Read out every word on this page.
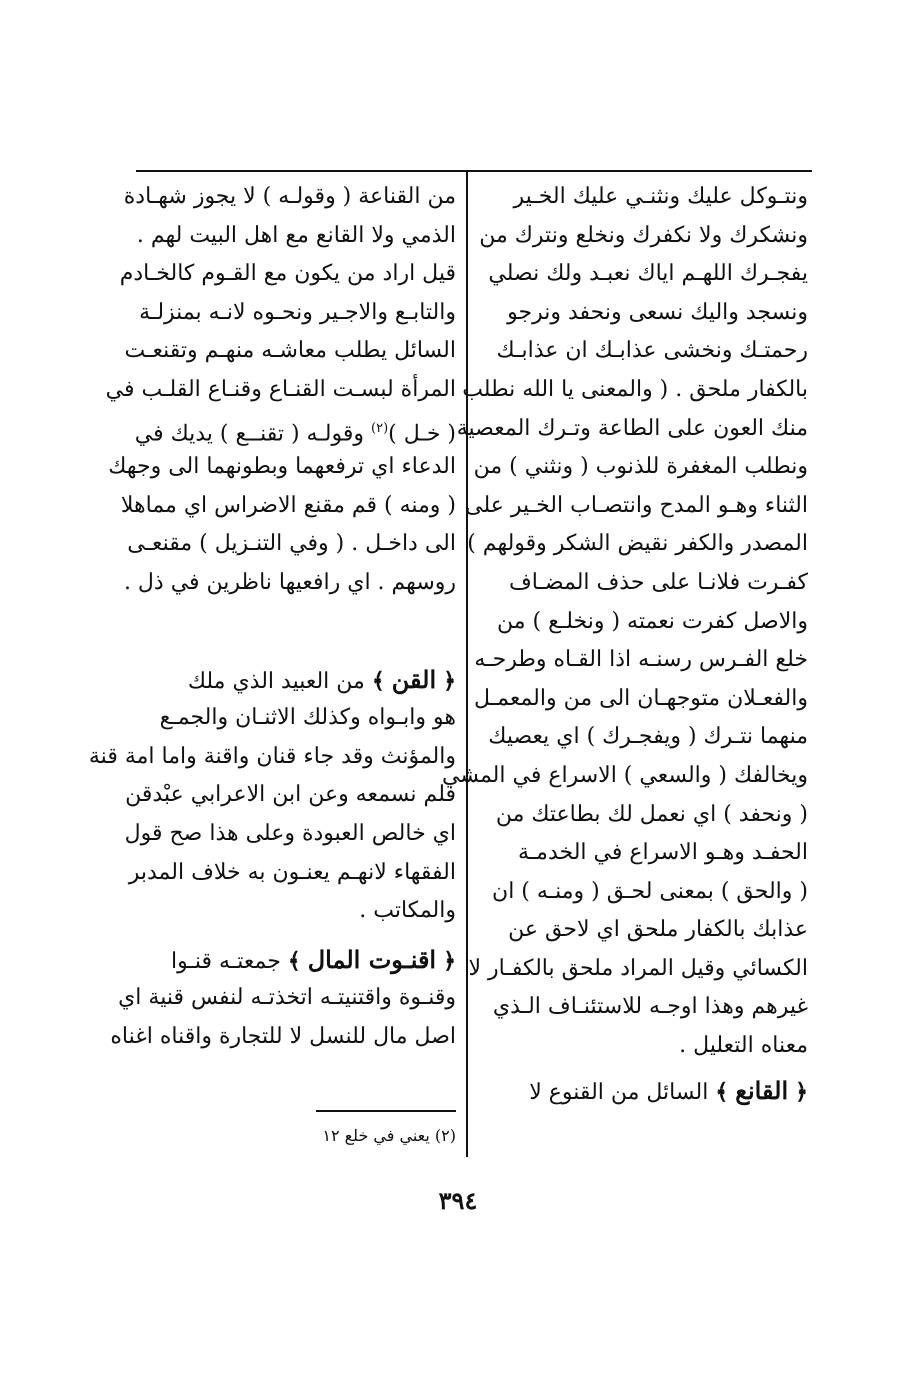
ونتـوكل عليك ونثنـي عليك الخـير
ونشكرك ولا نكفرك ونخلع ونترك من
يفجـرك اللهـم اياك نعبـد ولك نصلي
ونسجد واليك نسعى ونحفد ونرجو
رحمتـك ونخشى عذابـك ان عذابـك
بالكفار ملحق . ( والمعنى يا الله نطلب
منك العون على الطاعة وتـرك المعصية
ونطلب المغفرة للذنوب ( ونثني ) من
الثناء وهـو المدح وانتصـاب الخـير على
المصدر والكفر نقيض الشكر وقولهم )
كفـرت فلانـا على حذف المضـاف
والاصل كفرت نعمته ( ونخلـع ) من
خلع الفـرس رسنـه اذا القـاه وطرحـه
والفعـلان متوجهـان الى من والمعمـل
منهما نتـرك ( ويفجـرك ) اي يعصيك
ويخالفك ( والسعي ) الاسراع في المشي
( ونحفد ) اي نعمل لك بطاعتك من
الحفـد وهـو الاسراع في الخدمـة
( والحق ) بمعنى لحـق ( ومنـه ) ان
عذابك بالكفار ملحق اي لاحق عن
الكسائي وقيل المراد ملحق بالكفـار لا
غيرهم وهذا اوجـه للاستئنـاف الـذي
معناه التعليل .
﴿ القانع ﴾ السائل من القنوع لا
من القناعة ( وقولـه ) لا يجوز شهـادة
الذمي ولا القانع مع اهل البيت لهم .
قيل اراد من يكون مع القـوم كالخـادم
والتابـع والاجـير ونحـوه لانـه بمنزلـة
السائل يطلب معاشـه منهـم وتقنعـت
المرأة لبسـت القنـاع وقنـاع القلـب في
( خـل )$^{(٢)}$ وقولـه ( تقنــع ) يديك في
الدعاء اي ترفعهما وبطونهما الى وجهك
( ومنه ) قم مقنع الاضراس اي مماهلا
الى داخـل . ( وفي التنـزيل ) مقنعـى
روسهم . اي رافعيها ناظرين في ذل .
﴿ القن ﴾ من العبيد الذي ملك
هو وابـواه وكذلك الاثنـان والجمـع
والمؤنث وقد جاء قنان واقنة واما امة قنة
فلم نسمعه وعن ابن الاعرابي عبْدقن
اي خالص العبودة وعلى هذا صح قول
الفقهاء لانهـم يعنـون به خلاف المدبر
والمكاتب .
﴿ اقنـوت المال ﴾ جمعتـه قنـوا
وقنـوة واقتنيتـه اتخذتـه لنفس قنية اي
اصل مال للنسل لا للتجارة واقناه اغناه
(٢) يعني في خلع ١٢
٣٩٤
